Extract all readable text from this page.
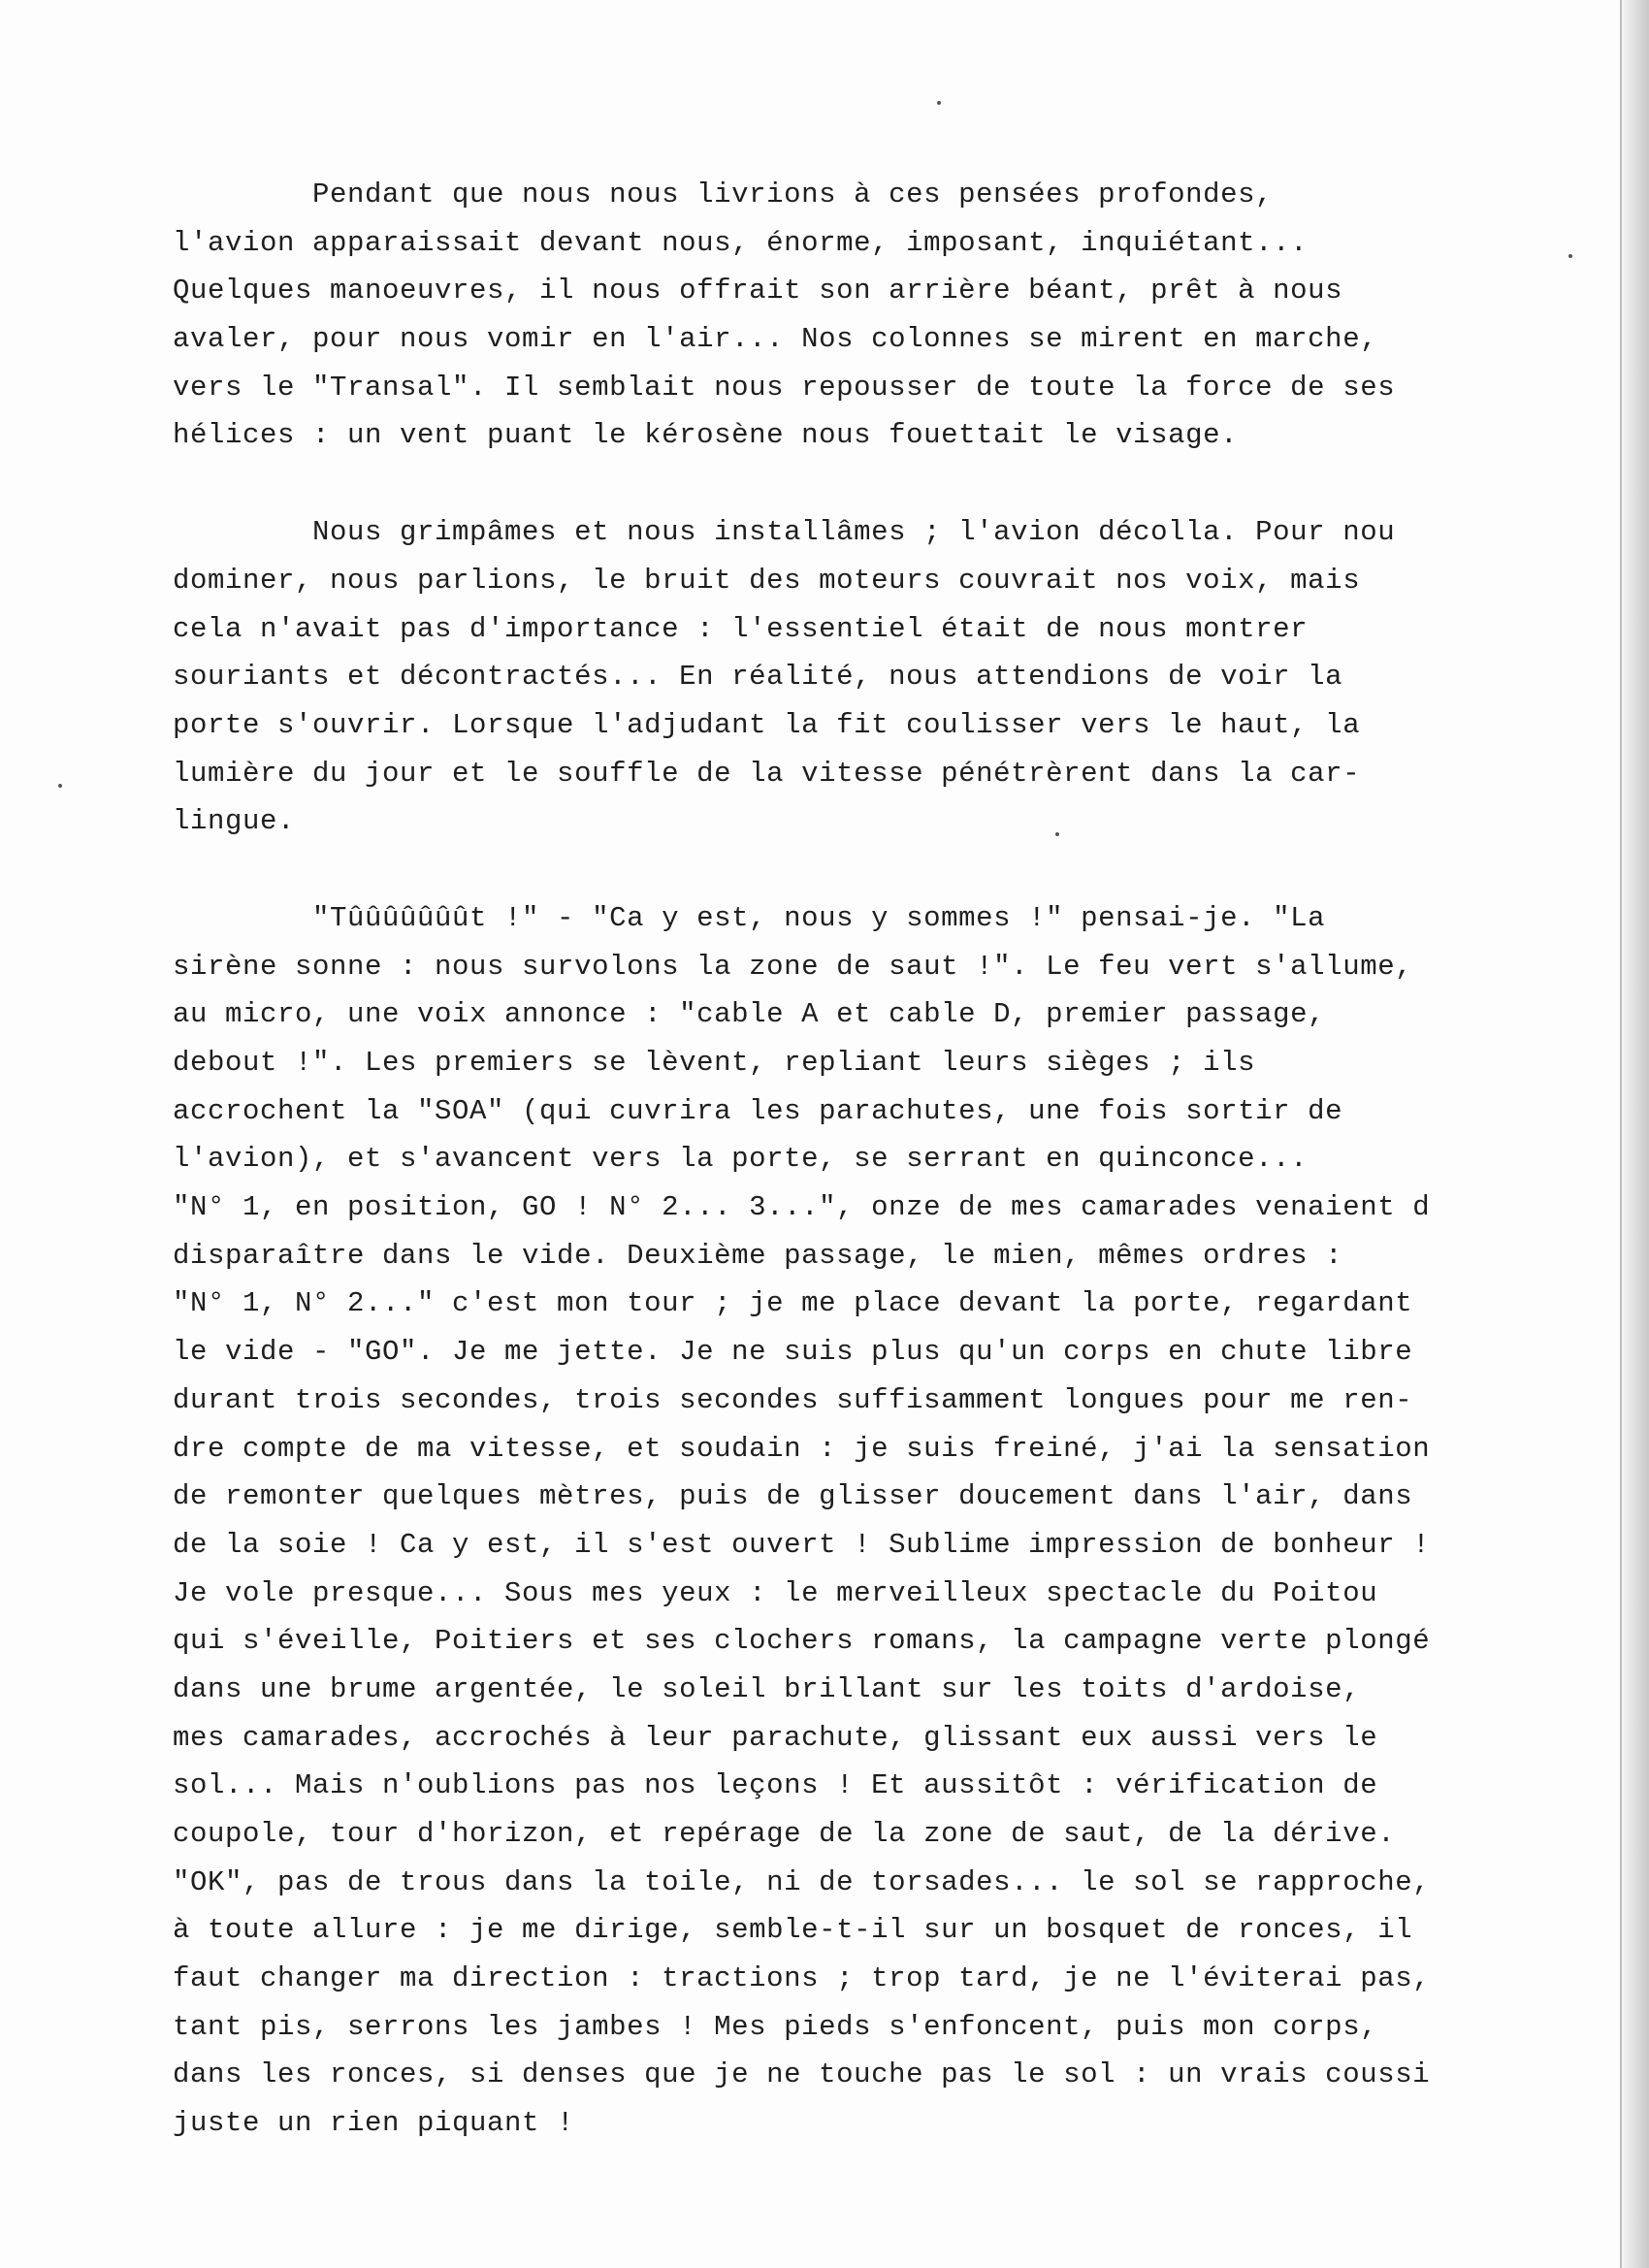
Pendant que nous nous livrions à ces pensées profondes,
l'avion apparaissait devant nous, énorme, imposant, inquiétant...
Quelques manoeuvres, il nous offrait son arrière béant, prêt à nous
avaler, pour nous vomir en l'air... Nos colonnes se mirent en marche,
vers le "Transal". Il semblait nous repousser de toute la force de ses
hélices : un vent puant le kérosène nous fouettait le visage.
Nous grimpâmes et nous installâmes ; l'avion décolla. Pour nou
dominer, nous parlions, le bruit des moteurs couvrait nos voix, mais
cela n'avait pas d'importance : l'essentiel était de nous montrer
souriants et décontractés... En réalité, nous attendions de voir la
porte s'ouvrir. Lorsque l'adjudant la fit coulisser vers le haut, la
lumière du jour et le souffle de la vitesse pénétrèrent dans la car-
lingue.
"Tûûûûûûût !" - "Ca y est, nous y sommes !" pensai-je. "La
sirène sonne : nous survolons la zone de saut !". Le feu vert s'allume,
au micro, une voix annonce : "cable A et cable D, premier passage,
debout !". Les premiers se lèvent, repliant leurs sièges ; ils
accrochent la "SOA" (qui cuvrira les parachutes, une fois sortir de
l'avion), et s'avancent vers la porte, se serrant en quinconce...
"N° 1, en position, GO ! N° 2... 3...", onze de mes camarades venaient d
disparaître dans le vide. Deuxième passage, le mien, mêmes ordres :
"N° 1, N° 2..." c'est mon tour ; je me place devant la porte, regardant
le vide - "GO". Je me jette. Je ne suis plus qu'un corps en chute libre
durant trois secondes, trois secondes suffisamment longues pour me ren-
dre compte de ma vitesse, et soudain : je suis freiné, j'ai la sensation
de remonter quelques mètres, puis de glisser doucement dans l'air, dans
de la soie ! Ca y est, il s'est ouvert ! Sublime impression de bonheur !
Je vole presque... Sous mes yeux : le merveilleux spectacle du Poitou
qui s'éveille, Poitiers et ses clochers romans, la campagne verte plongé
dans une brume argentée, le soleil brillant sur les toits d'ardoise,
mes camarades, accrochés à leur parachute, glissant eux aussi vers le
sol... Mais n'oublions pas nos leçons ! Et aussitôt : vérification de
coupole, tour d'horizon, et repérage de la zone de saut, de la dérive.
"OK", pas de trous dans la toile, ni de torsades... le sol se rapproche,
à toute allure : je me dirige, semble-t-il sur un bosquet de ronces, il
faut changer ma direction : tractions ; trop tard, je ne l'éviterai pas,
tant pis, serrons les jambes ! Mes pieds s'enfoncent, puis mon corps,
dans les ronces, si denses que je ne touche pas le sol : un vrais coussi
juste un rien piquant !
